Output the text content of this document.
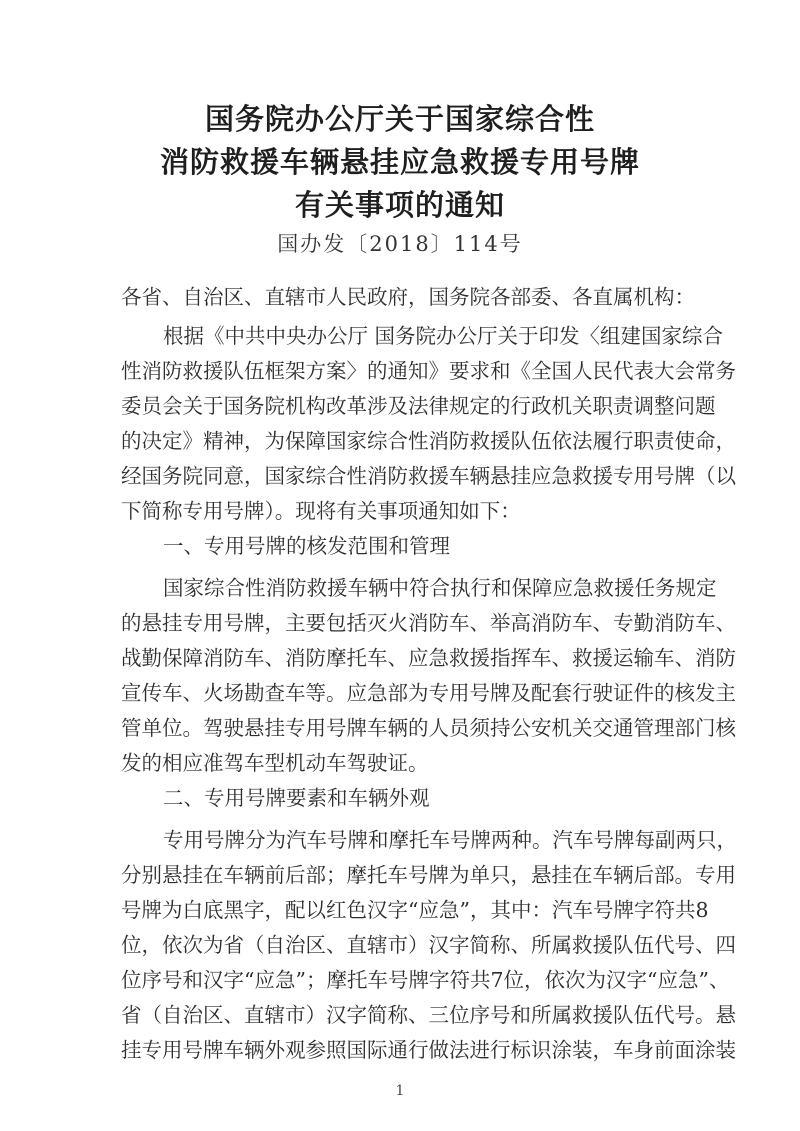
国务院办公厅关于国家综合性
消防救援车辆悬挂应急救援专用号牌
有关事项的通知
国办发〔2018〕114号
各省、自治区、直辖市人民政府，国务院各部委、各直属机构：
根据《中共中央办公厅 国务院办公厅关于印发〈组建国家综合
性消防救援队伍框架方案〉的通知》要求和《全国人民代表大会常务
委员会关于国务院机构改革涉及法律规定的行政机关职责调整问题
的决定》精神，为保障国家综合性消防救援队伍依法履行职责使命，
经国务院同意，国家综合性消防救援车辆悬挂应急救援专用号牌（以
下简称专用号牌）。现将有关事项通知如下：
一、专用号牌的核发范围和管理
国家综合性消防救援车辆中符合执行和保障应急救援任务规定
的悬挂专用号牌，主要包括灭火消防车、举高消防车、专勤消防车、
战勤保障消防车、消防摩托车、应急救援指挥车、救援运输车、消防
宣传车、火场勘查车等。应急部为专用号牌及配套行驶证件的核发主
管单位。驾驶悬挂专用号牌车辆的人员须持公安机关交通管理部门核
发的相应准驾车型机动车驾驶证。
二、专用号牌要素和车辆外观
专用号牌分为汽车号牌和摩托车号牌两种。汽车号牌每副两只，
分别悬挂在车辆前后部；摩托车号牌为单只，悬挂在车辆后部。专用
号牌为白底黑字，配以红色汉字“应急”，其中：汽车号牌字符共8
位，依次为省（自治区、直辖市）汉字简称、所属救援队伍代号、四
位序号和汉字“应急”；摩托车号牌字符共7位，依次为汉字“应急”、
省（自治区、直辖市）汉字简称、三位序号和所属救援队伍代号。悬
挂专用号牌车辆外观参照国际通行做法进行标识涂装，车身前面涂装
1
